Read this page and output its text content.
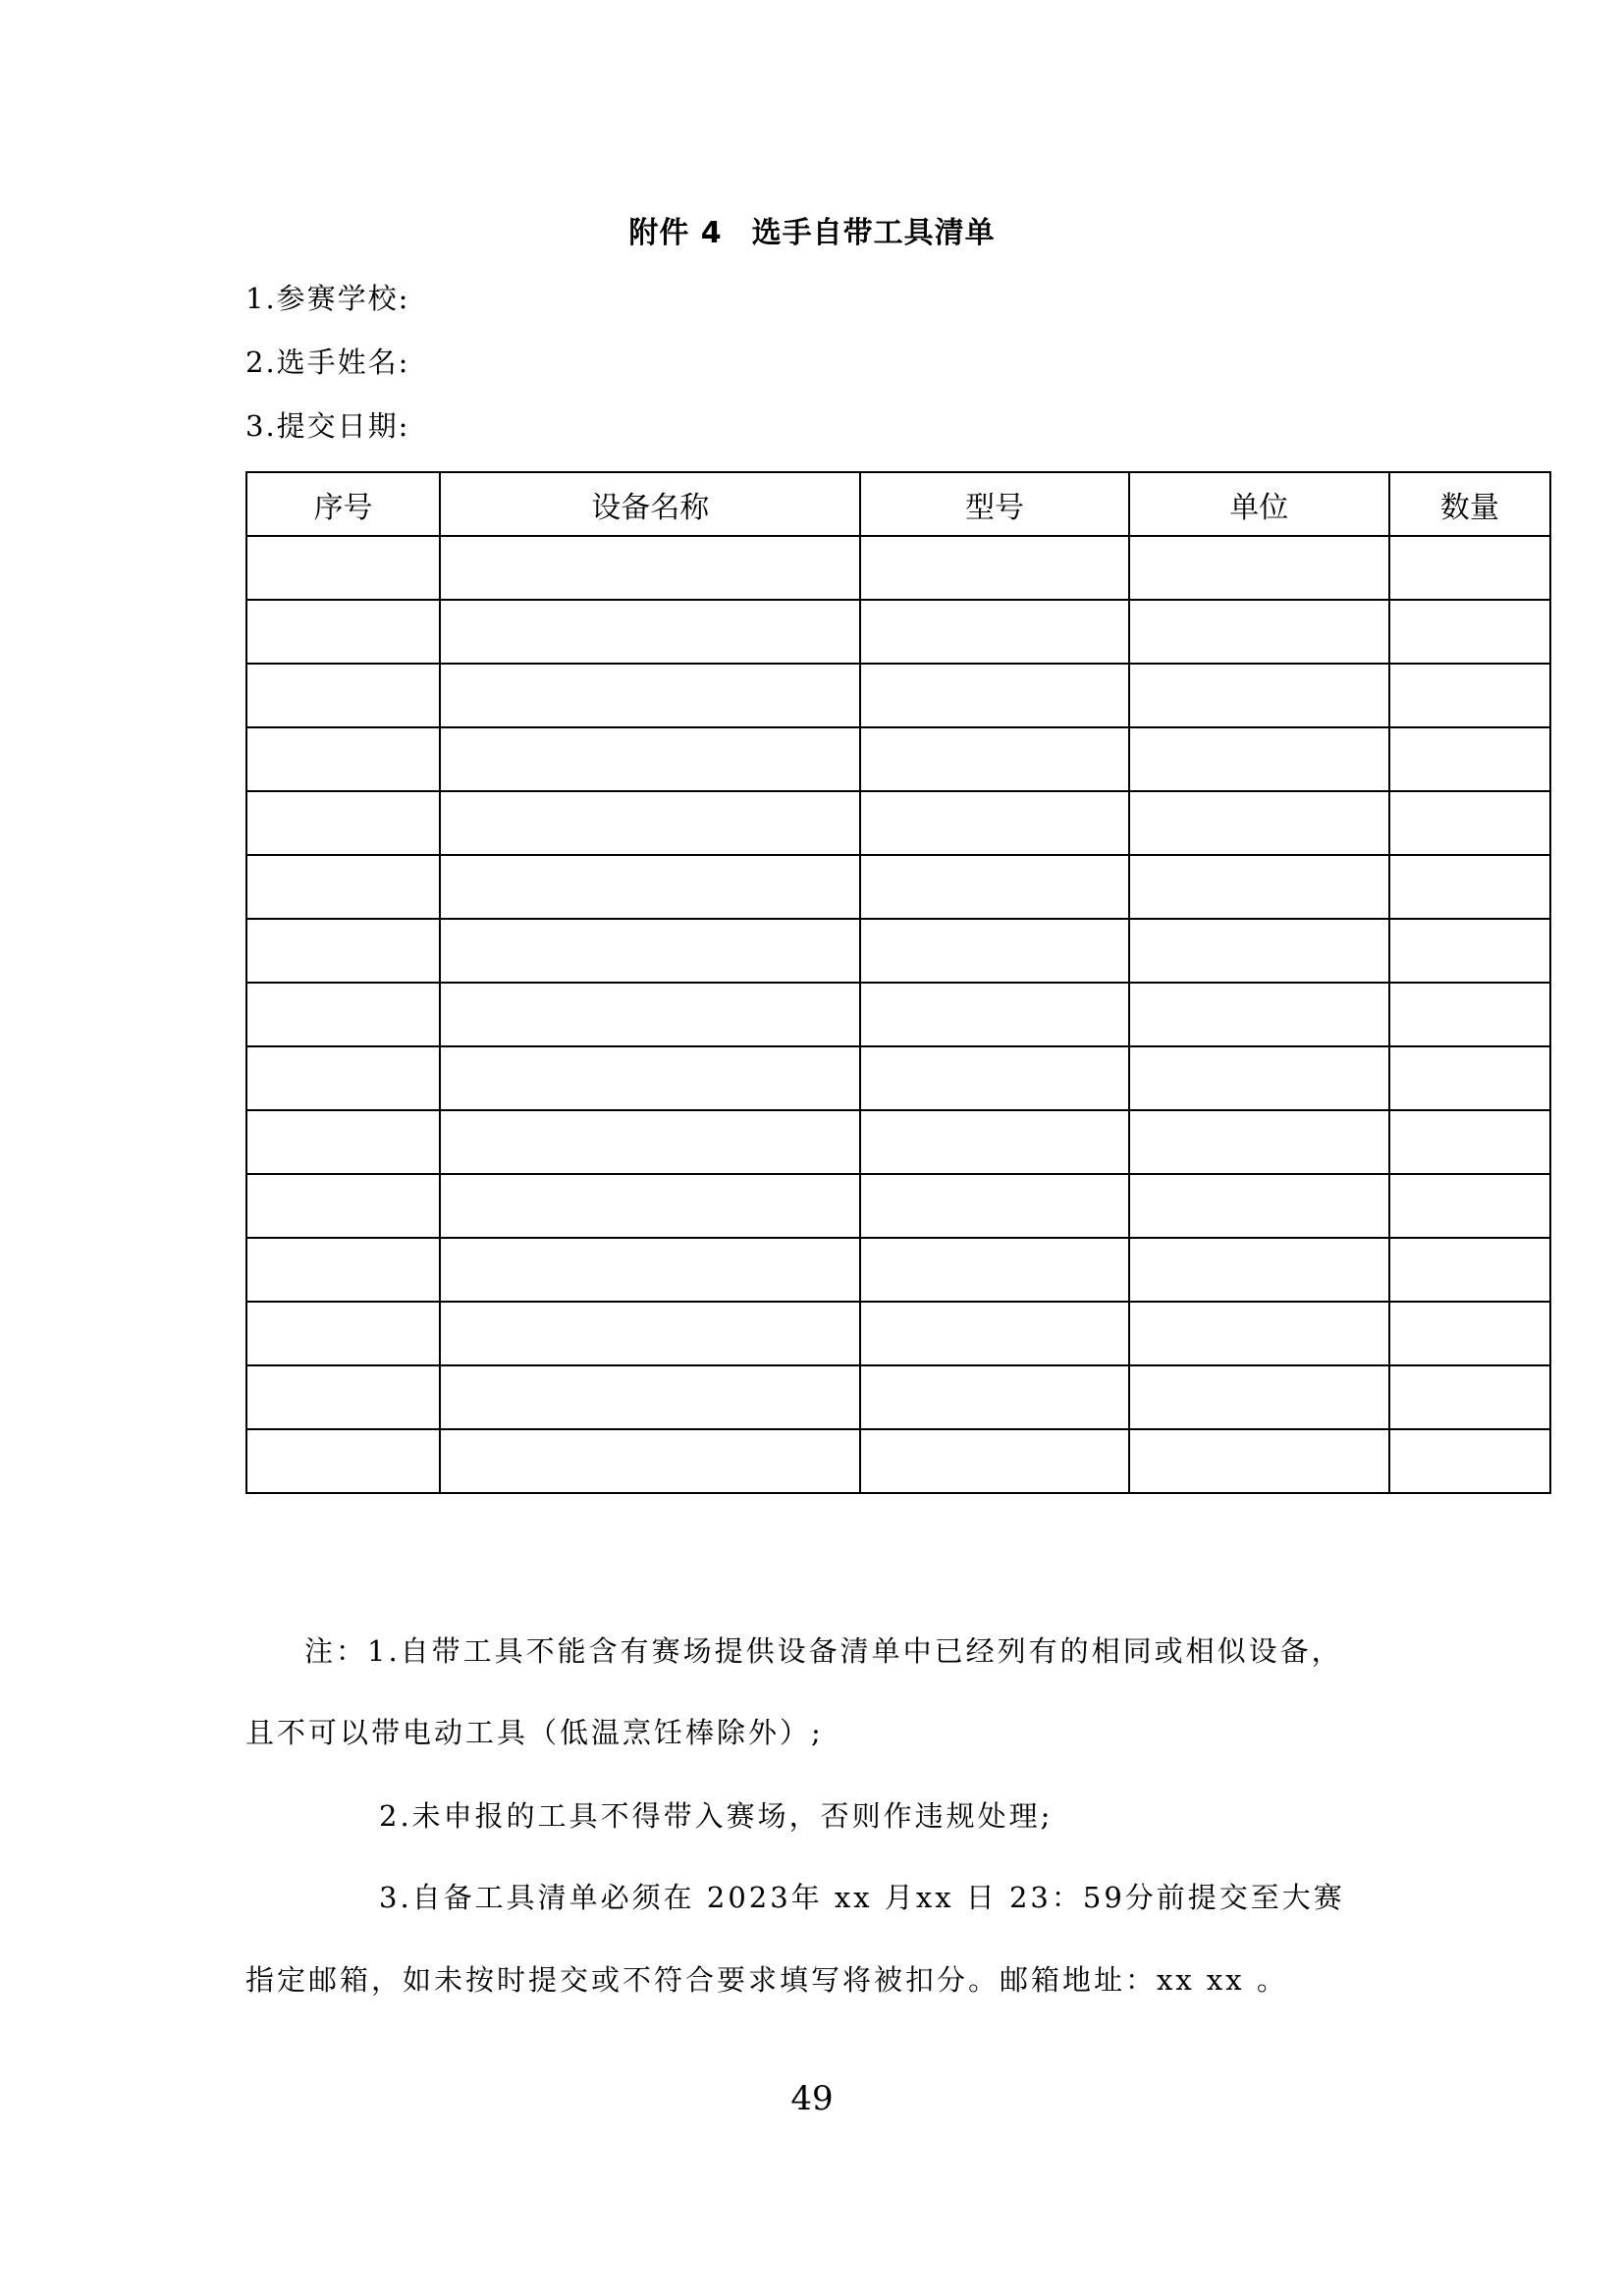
附件 4 选手自带工具清单
1.参赛学校:
2.选手姓名:
3.提交日期:
序号	设备名称	型号	单位	数量

注：1.自带工具不能含有赛场提供设备清单中已经列有的相同或相似设备，
且不可以带电动工具（低温烹饪棒除外）;
2.未申报的工具不得带入赛场，否则作违规处理;
3.自备工具清单必须在 2023年 xx 月xx 日 23：59分前提交至大赛
指定邮箱，如未按时提交或不符合要求填写将被扣分。邮箱地址：xx xx 。
49
